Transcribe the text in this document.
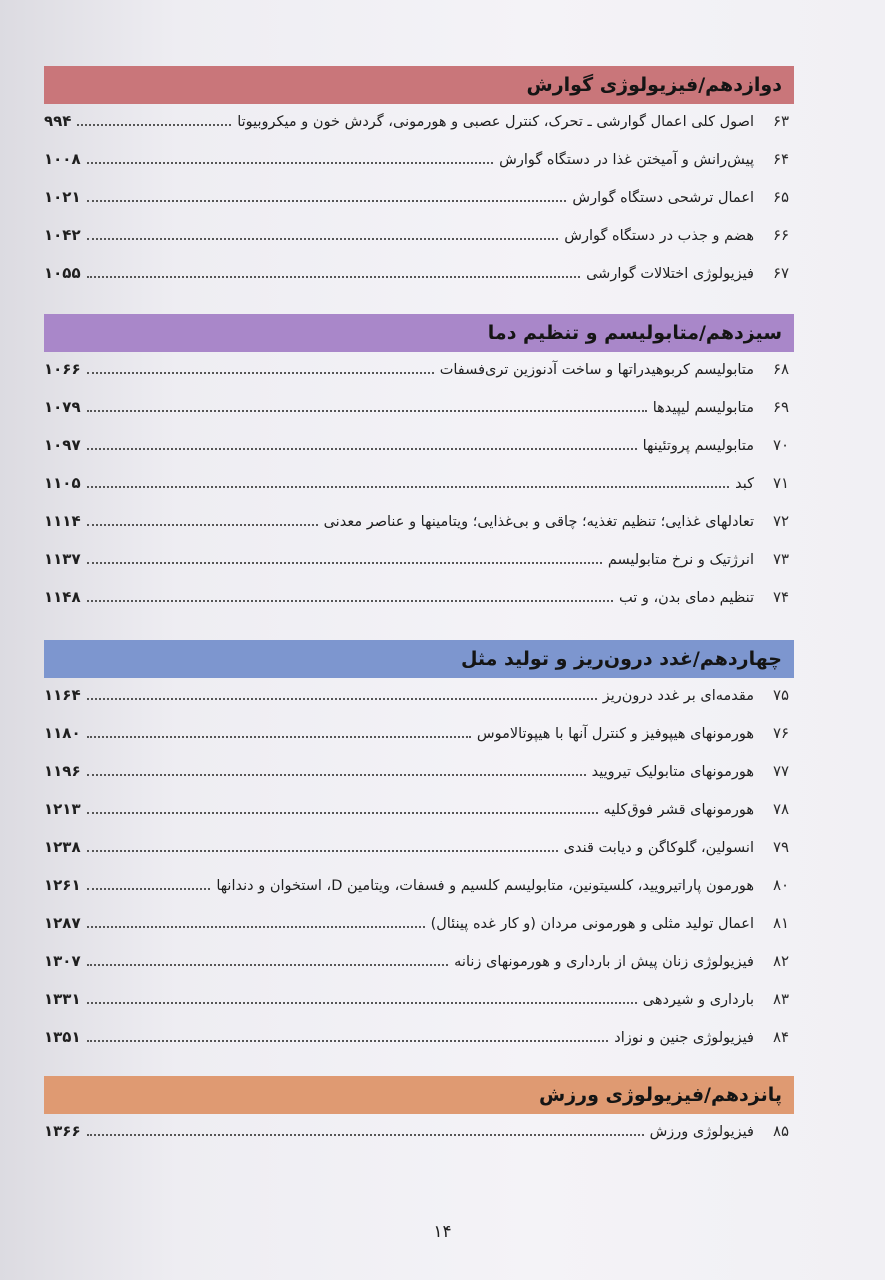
دوازدهم/فیزیولوژی گوارش
۶۳
اصول کلی اعمال گوارشی ـ تحرک، کنترل عصبی و هورمونی، گردش خون و میکروبیوتا
۹۹۴
۶۴
پیش‌رانش و آمیختن غذا در دستگاه گوارش
۱۰۰۸
۶۵
اعمال ترشحی دستگاه گوارش
۱۰۲۱
۶۶
هضم و جذب در دستگاه گوارش
۱۰۴۲
۶۷
فیزیولوژی اختلالات گوارشی
۱۰۵۵
سیزدهم/متابولیسم و تنظیم دما
۶۸
متابولیسم کربوهیدراتها و ساخت آدنوزین تری‌فسفات
۱۰۶۶
۶۹
متابولیسم لیپیدها
۱۰۷۹
۷۰
متابولیسم پروتئینها
۱۰۹۷
۷۱
کبد
۱۱۰۵
۷۲
تعادلهای غذایی؛ تنظیم تغذیه؛ چاقی و بی‌غذایی؛ ویتامینها و عناصر معدنی
۱۱۱۴
۷۳
انرژتیک و نرخ متابولیسم
۱۱۳۷
۷۴
تنظیم دمای بدن، و تب
۱۱۴۸
چهاردهم/غدد درون‌ریز و تولید مثل
۷۵
مقدمه‌ای بر غدد درون‌ریز
۱۱۶۴
۷۶
هورمونهای هیپوفیز و کنترل آنها با هیپوتالاموس
۱۱۸۰
۷۷
هورمونهای متابولیک تیرویید
۱۱۹۶
۷۸
هورمونهای قشر فوق‌کلیه
۱۲۱۳
۷۹
انسولین، گلوکاگن و دیابت قندی
۱۲۳۸
۸۰
هورمون پاراتیرویید، کلسیتونین، متابولیسم کلسیم و فسفات، ویتامین D، استخوان و دندانها
۱۲۶۱
۸۱
اعمال تولید مثلی و هورمونی مردان (و کار غده پینئال)
۱۲۸۷
۸۲
فیزیولوژی زنان پیش از بارداری و هورمونهای زنانه
۱۳۰۷
۸۳
بارداری و شیردهی
۱۳۳۱
۸۴
فیزیولوژی جنین و نوزاد
۱۳۵۱
پانزدهم/فیزیولوژی ورزش
۸۵
فیزیولوژی ورزش
۱۳۶۶
۱۴
